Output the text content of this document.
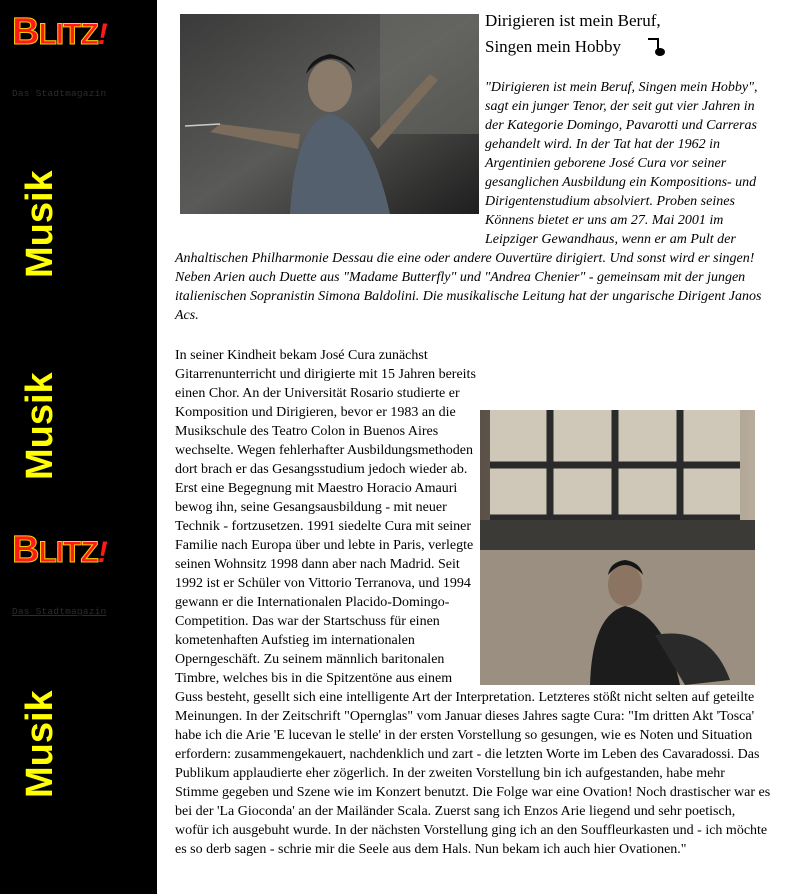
BLITZ!
Das Stadtmagazin
Musik
Musik
BLITZ!
Das Stadtmagazin
Musik
Dirigieren ist mein Beruf,
Singen mein Hobby

"Dirigieren ist mein Beruf, Singen mein Hobby", sagt ein junger Tenor, der seit gut vier Jahren in der Kategorie Domingo, Pavarotti und Carreras gehandelt wird. In der Tat hat der 1962 in Argentinien geborene José Cura vor seiner gesanglichen Ausbildung ein Kompositions- und Dirigentenstudium absolviert. Proben seines Könnens bietet er uns am 27. Mai 2001 im Leipziger Gewandhaus, wenn er am Pult der Anhaltischen Philharmonie Dessau die eine oder andere Ouvertüre dirigiert. Und sonst wird er singen! Neben Arien auch Duette aus "Madame Butterfly" und "Andrea Chenier" - gemeinsam mit der jungen italienischen Sopranistin Simona Baldolini. Die musikalische Leitung hat der ungarische Dirigent Janos Acs.

In seiner Kindheit bekam José Cura zunächst Gitarrenunterricht und dirigierte mit 15 Jahren bereits einen Chor. An der Universität Rosario studierte er Komposition und Dirigieren, bevor er 1983 an die Musikschule des Teatro Colon in Buenos Aires wechselte. Wegen fehlerhafter Ausbildungsmethoden dort brach er das Gesangsstudium jedoch wieder ab. Erst eine Begegnung mit Maestro Horacio Amauri bewog ihn, seine Gesangsausbildung - mit neuer Technik - fortzusetzen. 1991 siedelte Cura mit seiner Familie nach Europa über und lebte in Paris, verlegte seinen Wohnsitz 1998 dann aber nach Madrid. Seit 1992 ist er Schüler von Vittorio Terranova, und 1994 gewann er die Internationalen Placido-Domingo-Competition. Das war der Startschuss für einen kometenhaften Aufstieg im internationalen Operngeschäft. Zu seinem männlich baritonalen Timbre, welches bis in die Spitzentöne aus einem Guss besteht, gesellt sich eine intelligente Art der Interpretation. Letzteres stößt nicht selten auf geteilte Meinungen. In der Zeitschrift "Opernglas" vom Januar dieses Jahres sagte Cura: "Im dritten Akt 'Tosca' habe ich die Arie 'E lucevan le stelle' in der ersten Vorstellung so gesungen, wie es Noten und Situation erfordern: zusammengekauert, nachdenklich und zart - die letzten Worte im Leben des Cavaradossi. Das Publikum applaudierte eher zögerlich. In der zweiten Vorstellung bin ich aufgestanden, habe mehr Stimme gegeben und Szene wie im Konzert benutzt. Die Folge war eine Ovation! Noch drastischer war es bei der 'La Gioconda' an der Mailänder Scala. Zuerst sang ich Enzos Arie liegend und sehr poetisch, wofür ich ausgebuht wurde. In der nächsten Vorstellung ging ich an den Souffleurkasten und - ich möchte es so derb sagen - schrie mir die Seele aus dem Hals. Nun bekam ich auch hier Ovationen."
